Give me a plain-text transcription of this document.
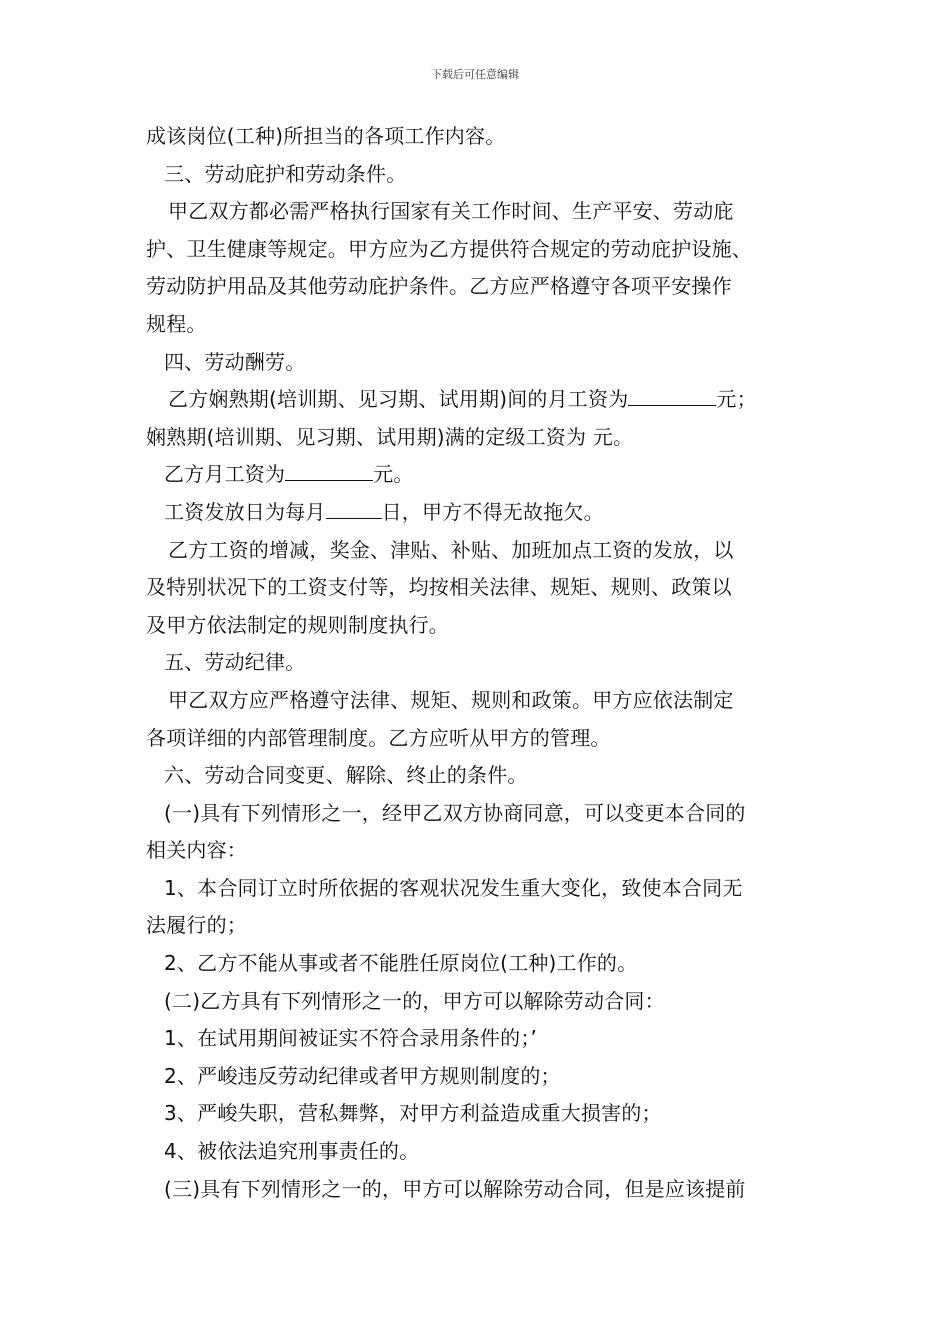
下载后可任意编辑
成该岗位(工种)所担当的各项工作内容。
三、劳动庇护和劳动条件。
甲乙双方都必需严格执行国家有关工作时间、生产平安、劳动庇
护、卫生健康等规定。甲方应为乙方提供符合规定的劳动庇护设施、
劳动防护用品及其他劳动庇护条件。乙方应严格遵守各项平安操作
规程。
四、劳动酬劳。
乙方娴熟期(培训期、见习期、试用期)间的月工资为	元；
娴熟期(培训期、见习期、试用期)满的定级工资为 元。
乙方月工资为	元。
工资发放日为每月	日，甲方不得无故拖欠。
乙方工资的增减，奖金、津贴、补贴、加班加点工资的发放，以
及特别状况下的工资支付等，均按相关法律、规矩、规则、政策以
及甲方依法制定的规则制度执行。
五、劳动纪律。
甲乙双方应严格遵守法律、规矩、规则和政策。甲方应依法制定
各项详细的内部管理制度。乙方应听从甲方的管理。
六、劳动合同变更、解除、终止的条件。
(一)具有下列情形之一，经甲乙双方协商同意，可以变更本合同的
相关内容：
1、本合同订立时所依据的客观状况发生重大变化，致使本合同无
法履行的；
2、乙方不能从事或者不能胜任原岗位(工种)工作的。
(二)乙方具有下列情形之一的，甲方可以解除劳动合同：
1、在试用期间被证实不符合录用条件的；’
2、严峻违反劳动纪律或者甲方规则制度的；
3、严峻失职，营私舞弊，对甲方利益造成重大损害的；
4、被依法追究刑事责任的。
(三)具有下列情形之一的，甲方可以解除劳动合同，但是应该提前
